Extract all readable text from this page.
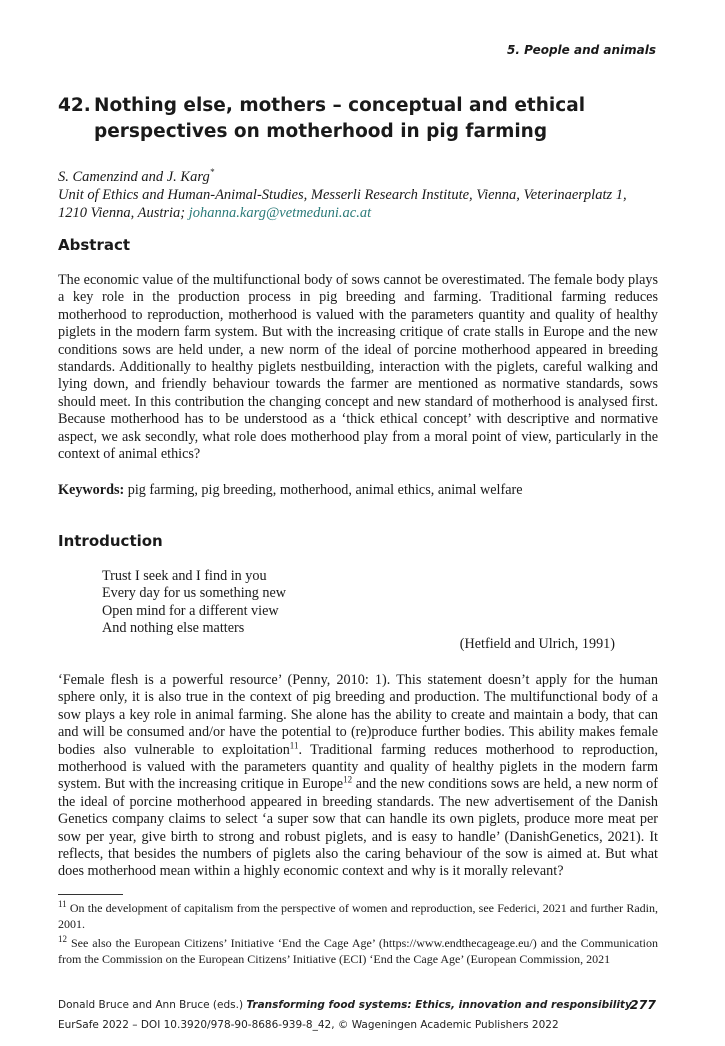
5. People and animals
42. Nothing else, mothers – conceptual and ethical perspectives on motherhood in pig farming
S. Camenzind and J. Karg*
Unit of Ethics and Human-Animal-Studies, Messerli Research Institute, Vienna, Veterinaerplatz 1, 1210 Vienna, Austria; johanna.karg@vetmeduni.ac.at
Abstract

The economic value of the multifunctional body of sows cannot be overestimated. The female body plays a key role in the production process in pig breeding and farming. Traditional farming reduces motherhood to reproduction, motherhood is valued with the parameters quantity and quality of healthy piglets in the modern farm system. But with the increasing critique of crate stalls in Europe and the new conditions sows are held under, a new norm of the ideal of porcine motherhood appeared in breeding standards. Additionally to healthy piglets nestbuilding, interaction with the piglets, careful walking and lying down, and friendly behaviour towards the farmer are mentioned as normative standards, sows should meet. In this contribution the changing concept and new standard of motherhood is analysed first. Because motherhood has to be understood as a ‘thick ethical concept’ with descriptive and normative aspect, we ask secondly, what role does motherhood play from a moral point of view, particularly in the context of animal ethics?

Keywords: pig farming, pig breeding, motherhood, animal ethics, animal welfare
Introduction
Trust I seek and I find in you
Every day for us something new
Open mind for a different view
And nothing else matters
(Hetfield and Ulrich, 1991)

‘Female flesh is a powerful resource’ (Penny, 2010: 1). This statement doesn’t apply for the human sphere only, it is also true in the context of pig breeding and production. The multifunctional body of a sow plays a key role in animal farming. She alone has the ability to create and maintain a body, that can and will be consumed and/or have the potential to (re)produce further bodies. This ability makes female bodies also vulnerable to exploitation$^{11}$. Traditional farming reduces motherhood to reproduction, motherhood is valued with the parameters quantity and quality of healthy piglets in the modern farm system. But with the increasing critique in Europe$^{12}$ and the new conditions sows are held, a new norm of the ideal of porcine motherhood appeared in breeding standards. The new advertisement of the Danish Genetics company claims to select ‘a super sow that can handle its own piglets, produce more meat per sow per year, give birth to strong and robust piglets, and is easy to handle’ (DanishGenetics, 2021). It reflects, that besides the numbers of piglets also the caring behaviour of the sow is aimed at. But what does motherhood mean within a highly economic context and why is it morally relevant?

$^{11}$ On the development of capitalism from the perspective of women and reproduction, see Federici, 2021 and further Radin, 2001.

$^{12}$ See also the European Citizens’ Initiative ‘End the Cage Age’ (https://www.endthecageage.eu/) and the Communication from the Commission on the European Citizens’ Initiative (ECI) ‘End the Cage Age’ (European Commission, 2021

Donald Bruce and Ann Bruce (eds.) Transforming food systems: Ethics, innovation and responsibility
EurSafe 2022 – DOI 10.3920/978-90-8686-939-8_42, © Wageningen Academic Publishers 2022
277
